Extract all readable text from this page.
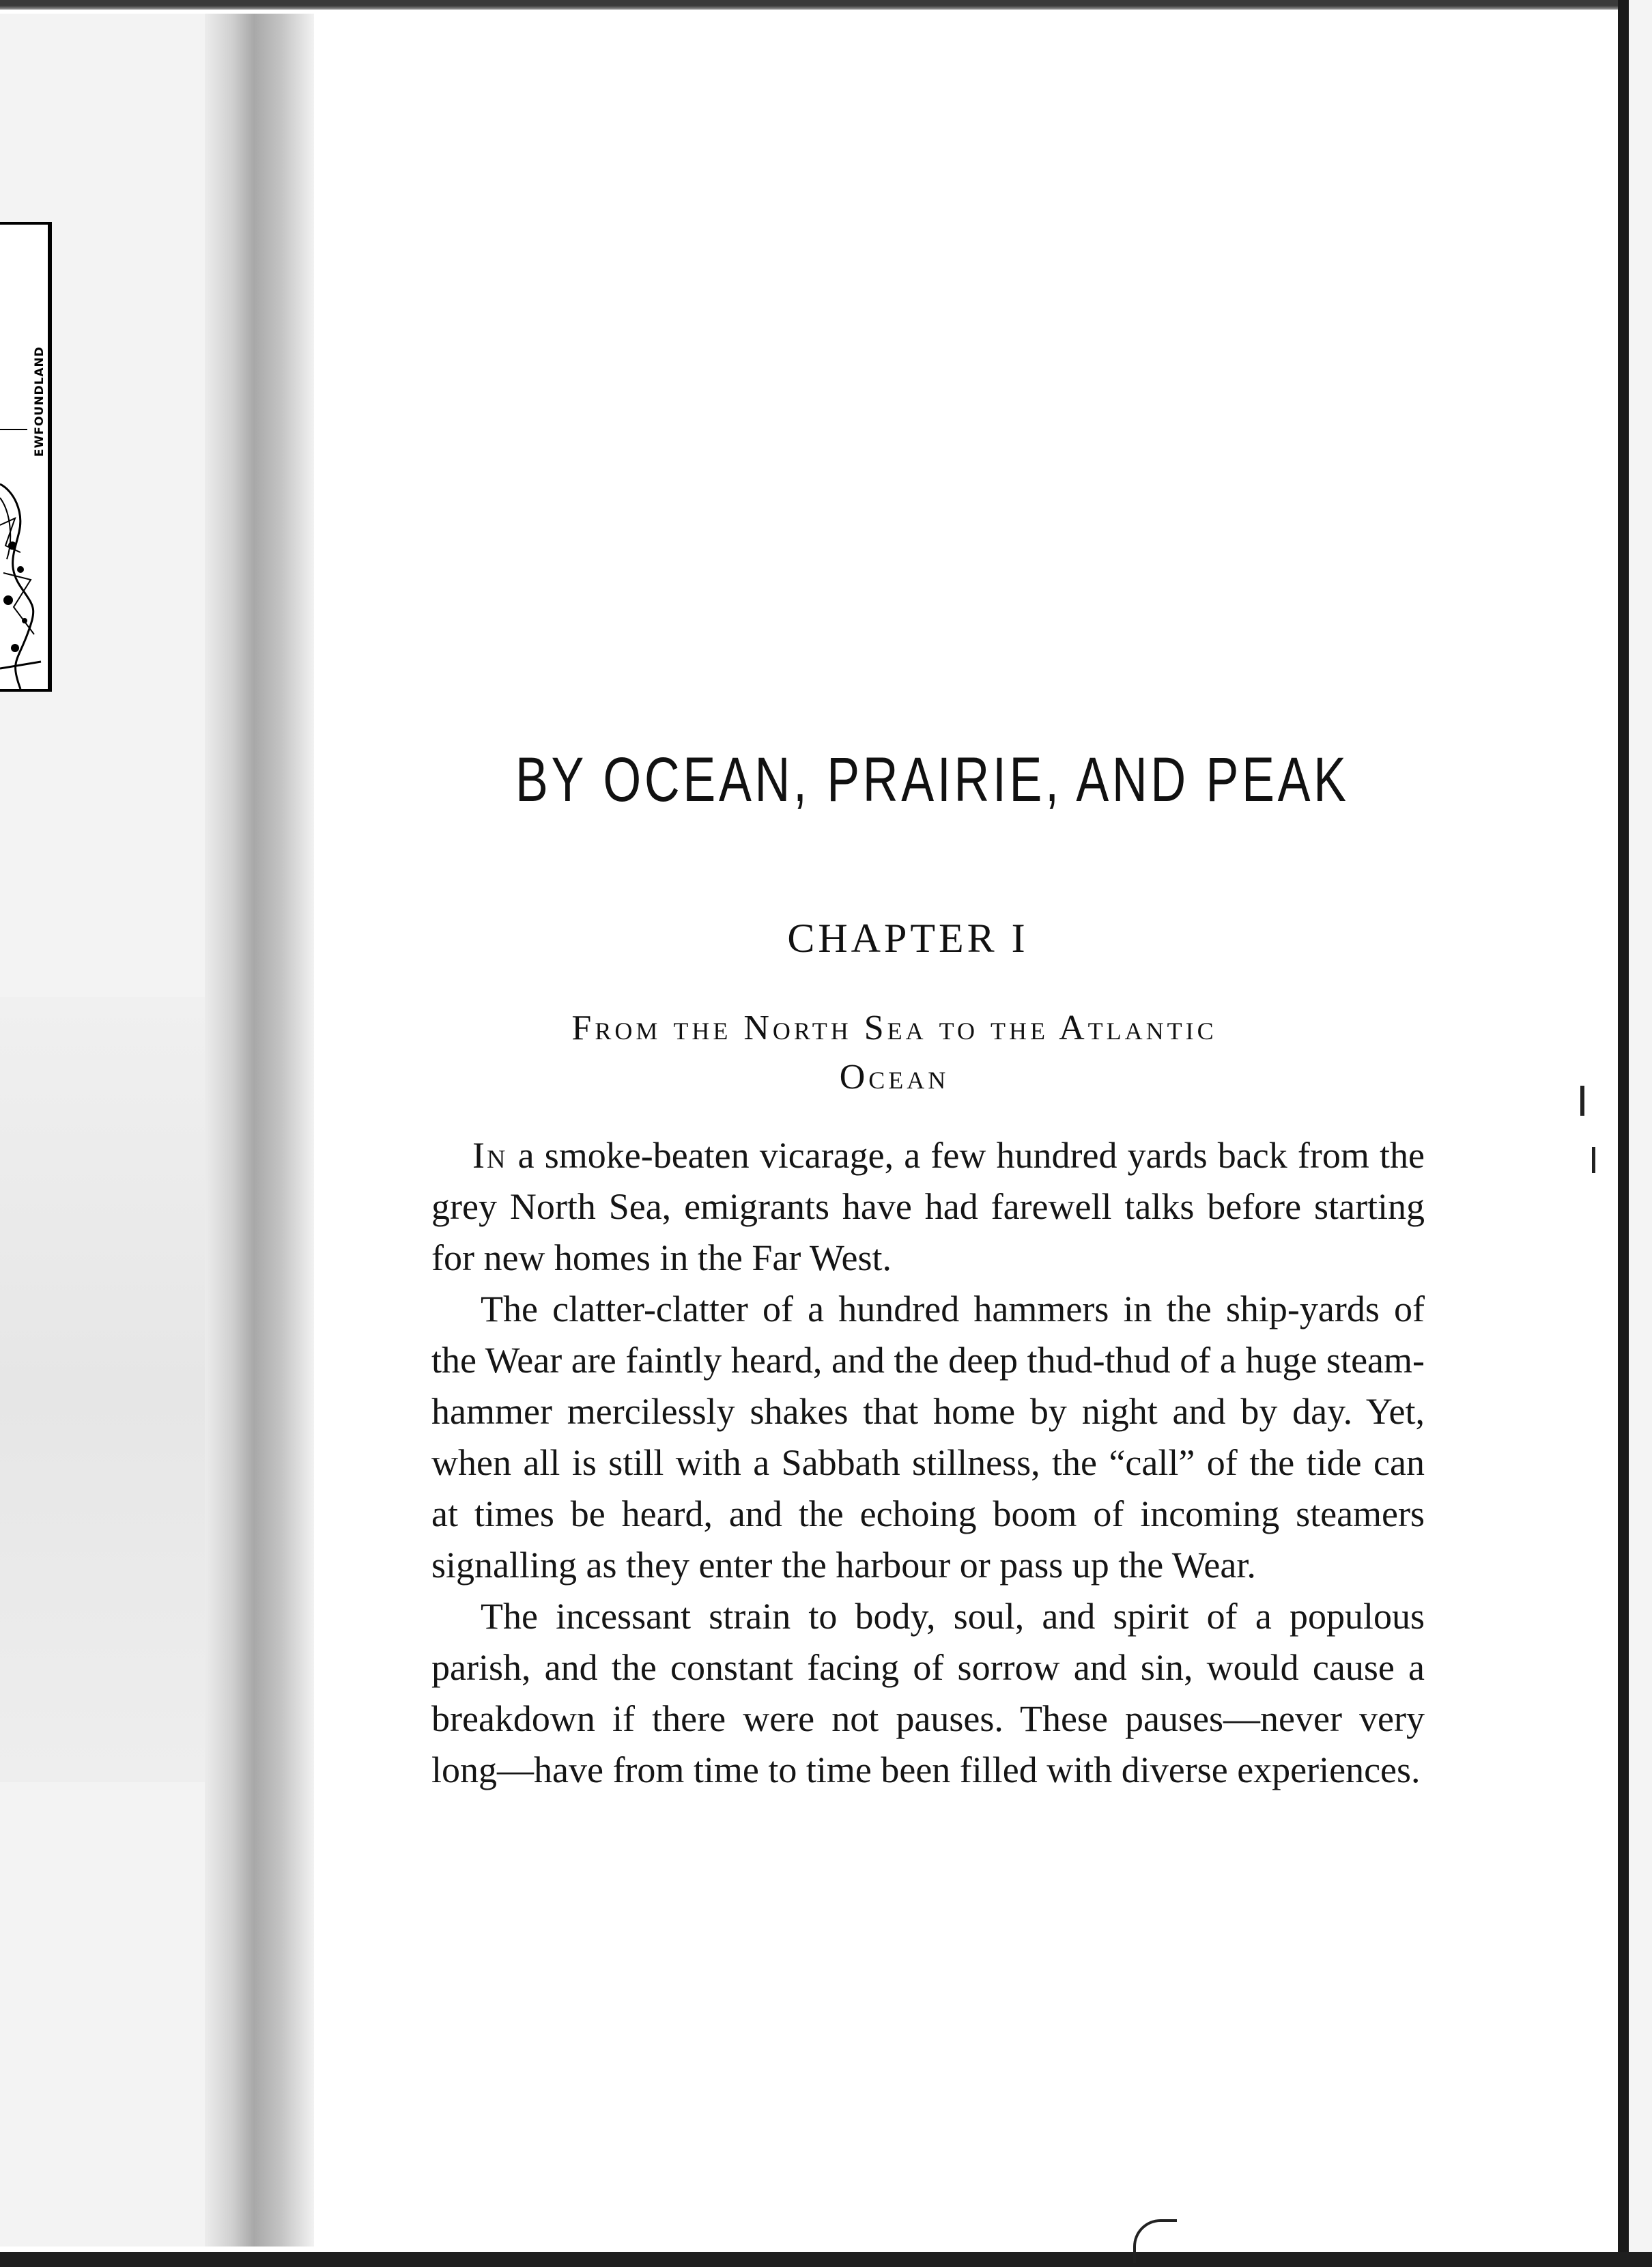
EWFOUNDLAND
BY OCEAN, PRAIRIE, AND PEAK
CHAPTER I
From the North Sea to the Atlantic
Ocean

In a smoke-beaten vicarage, a few hundred yards back from the grey North Sea, emigrants have had farewell talks before starting for new homes in the Far West.

The clatter-clatter of a hundred hammers in the ship-yards of the Wear are faintly heard, and the deep thud-thud of a huge steam-hammer mercilessly shakes that home by night and by day. Yet, when all is still with a Sabbath stillness, the “call” of the tide can at times be heard, and the echoing boom of incoming steamers signalling as they enter the harbour or pass up the Wear.

The incessant strain to body, soul, and spirit of a populous parish, and the constant facing of sorrow and sin, would cause a breakdown if there were not pauses. These pauses—never very long—have from time to time been filled with diverse experiences.
